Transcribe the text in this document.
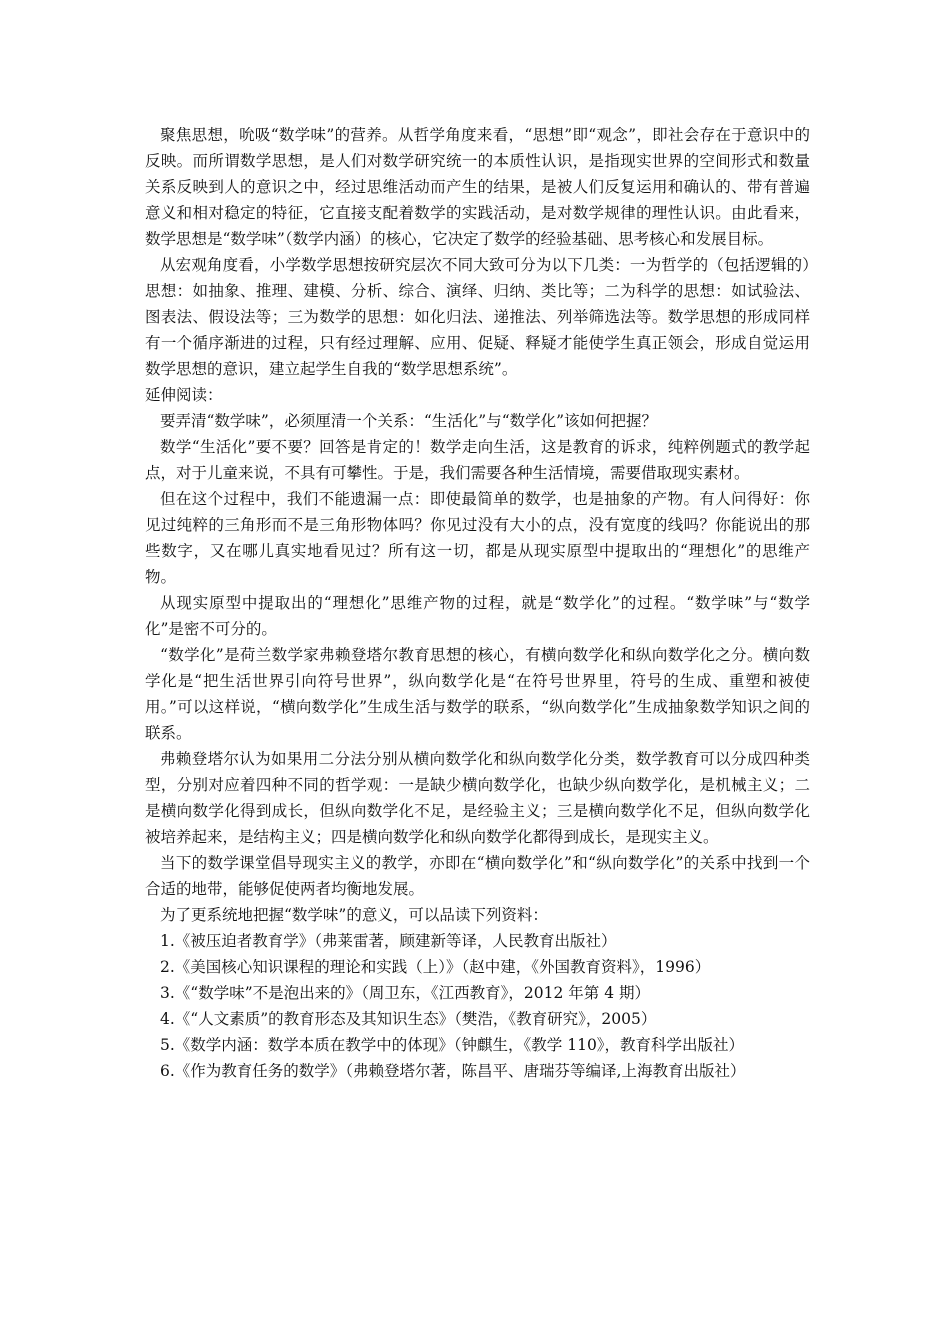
聚焦思想，吮吸“数学味”的营养。从哲学角度来看，“思想”即“观念”，即社会存在于意识中的反映。而所谓数学思想，是人们对数学研究统一的本质性认识，是指现实世界的空间形式和数量关系反映到人的意识之中，经过思维活动而产生的结果，是被人们反复运用和确认的、带有普遍意义和相对稳定的特征，它直接支配着数学的实践活动，是对数学规律的理性认识。由此看来，数学思想是“数学味”（数学内涵）的核心，它决定了数学的经验基础、思考核心和发展目标。

从宏观角度看，小学数学思想按研究层次不同大致可分为以下几类：一为哲学的（包括逻辑的）思想：如抽象、推理、建模、分析、综合、演绎、归纳、类比等；二为科学的思想：如试验法、图表法、假设法等；三为数学的思想：如化归法、递推法、列举筛选法等。数学思想的形成同样有一个循序渐进的过程，只有经过理解、应用、促疑、释疑才能使学生真正领会，形成自觉运用数学思想的意识，建立起学生自我的“数学思想系统”。

延伸阅读：

要弄清“数学味”，必须厘清一个关系：“生活化”与“数学化”该如何把握？

数学“生活化”要不要？回答是肯定的！数学走向生活，这是教育的诉求，纯粹例题式的教学起点，对于儿童来说，不具有可攀性。于是，我们需要各种生活情境，需要借取现实素材。

但在这个过程中，我们不能遗漏一点：即使最简单的数学，也是抽象的产物。有人问得好：你见过纯粹的三角形而不是三角形物体吗？你见过没有大小的点，没有宽度的线吗？你能说出的那些数字，又在哪儿真实地看见过？所有这一切，都是从现实原型中提取出的“理想化”的思维产物。

从现实原型中提取出的“理想化”思维产物的过程，就是“数学化”的过程。“数学味”与“数学化”是密不可分的。

“数学化”是荷兰数学家弗赖登塔尔教育思想的核心，有横向数学化和纵向数学化之分。横向数学化是“把生活世界引向符号世界”，纵向数学化是“在符号世界里，符号的生成、重塑和被使用。”可以这样说，“横向数学化”生成生活与数学的联系，“纵向数学化”生成抽象数学知识之间的联系。

弗赖登塔尔认为如果用二分法分别从横向数学化和纵向数学化分类，数学教育可以分成四种类型，分别对应着四种不同的哲学观：一是缺少横向数学化，也缺少纵向数学化，是机械主义；二是横向数学化得到成长，但纵向数学化不足，是经验主义；三是横向数学化不足，但纵向数学化被培养起来，是结构主义；四是横向数学化和纵向数学化都得到成长，是现实主义。

当下的数学课堂倡导现实主义的教学，亦即在“横向数学化”和“纵向数学化”的关系中找到一个合适的地带，能够促使两者均衡地发展。

为了更系统地把握“数学味”的意义，可以品读下列资料：

1.《被压迫者教育学》（弗莱雷著，顾建新等译，人民教育出版社）
2.《美国核心知识课程的理论和实践（上）》（赵中建，《外国教育资料》，1996）
3.《“数学味”不是泡出来的》（周卫东，《江西教育》，2012 年第 4 期）
4.《“人文素质”的教育形态及其知识生态》（樊浩，《教育研究》，2005）
5.《数学内涵：数学本质在教学中的体现》（钟麒生，《教学 110》，教育科学出版社）
6.《作为教育任务的数学》（弗赖登塔尔著，陈昌平、唐瑞芬等编译,上海教育出版社）
